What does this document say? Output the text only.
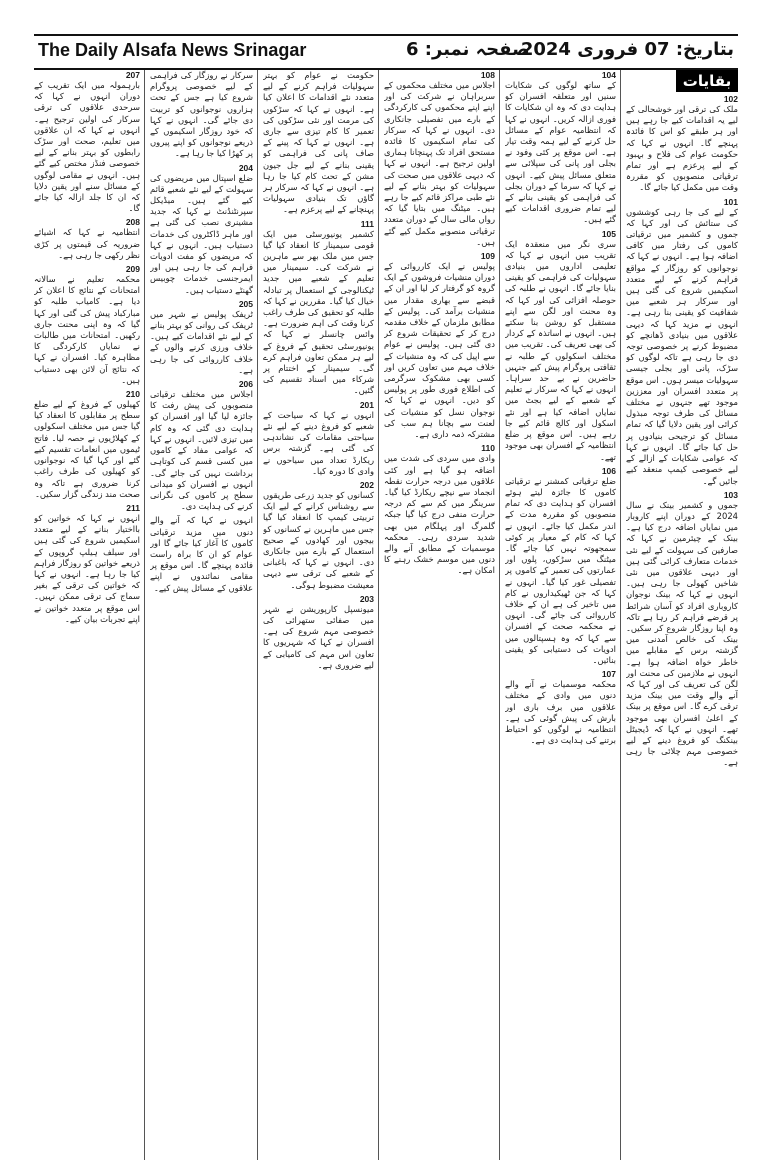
The Daily Alsafa News Srinagar	صفحہ نمبر: 6
بتاریخ: 07 فروری 2024
بقایات
102

ملک کی ترقی اور خوشحالی کے لیے یہ اقدامات کیے جا رہے ہیں اور ہر طبقے کو اس کا فائدہ پہنچے گا۔ انہوں نے کہا کہ حکومت عوام کی فلاح و بہبود کے لیے پرعزم ہے اور تمام ترقیاتی منصوبوں کو مقررہ وقت میں مکمل کیا جائے گا۔

101

کے لیے کی جا رہی کوششوں کی ستائش کی اور کہا کہ جموں و کشمیر میں ترقیاتی کاموں کی رفتار میں کافی اضافہ ہوا ہے۔ انہوں نے کہا کہ نوجوانوں کو روزگار کے مواقع فراہم کرنے کے لیے متعدد اسکیمیں شروع کی گئی ہیں اور سرکار ہر شعبے میں شفافیت کو یقینی بنا رہی ہے۔ انہوں نے مزید کہا کہ دیہی علاقوں میں بنیادی ڈھانچے کو مضبوط کرنے پر خصوصی توجہ دی جا رہی ہے تاکہ لوگوں کو سڑک، پانی اور بجلی جیسی سہولیات میسر ہوں۔ اس موقع پر متعدد افسران اور معززین موجود تھے جنہوں نے مختلف مسائل کی طرف توجہ مبذول کرائی اور یقین دلایا گیا کہ تمام مسائل کو ترجیحی بنیادوں پر حل کیا جائے گا۔ انہوں نے کہا کہ عوامی شکایات کے ازالے کے لیے خصوصی کیمپ منعقد کیے جائیں گے۔

103

جموں و کشمیر بینک نے سال 2024 کے دوران اپنے کاروبار میں نمایاں اضافہ درج کیا ہے۔ بینک کے چیئرمین نے کہا کہ صارفین کی سہولت کے لیے نئی خدمات متعارف کرائی گئی ہیں اور دیہی علاقوں میں نئی شاخیں کھولی جا رہی ہیں۔ انہوں نے کہا کہ بینک نوجوان کاروباری افراد کو آسان شرائط پر قرضے فراہم کر رہا ہے تاکہ وہ اپنا روزگار شروع کر سکیں۔ بینک کی خالص آمدنی میں گزشتہ برس کے مقابلے میں خاطر خواہ اضافہ ہوا ہے۔ انہوں نے ملازمین کی محنت اور لگن کی تعریف کی اور کہا کہ آنے والے وقت میں بینک مزید ترقی کرے گا۔ اس موقع پر بینک کے اعلیٰ افسران بھی موجود تھے۔ انہوں نے کہا کہ ڈیجیٹل بینکنگ کو فروغ دینے کے لیے خصوصی مہم چلائی جا رہی ہے۔

104

کے ساتھ لوگوں کی شکایات سنیں اور متعلقہ افسران کو ہدایت دی کہ وہ ان شکایات کا فوری ازالہ کریں۔ انہوں نے کہا کہ انتظامیہ عوام کے مسائل حل کرنے کے لیے ہمہ وقت تیار ہے۔ اس موقع پر کئی وفود نے بجلی اور پانی کی سپلائی سے متعلق مسائل پیش کیے۔ انہوں نے کہا کہ سرما کے دوران بجلی کی فراہمی کو یقینی بنانے کے لیے تمام ضروری اقدامات کیے گئے ہیں۔

105

سری نگر میں منعقدہ ایک تقریب میں انہوں نے کہا کہ تعلیمی اداروں میں بنیادی سہولیات کی فراہمی کو یقینی بنایا جائے گا۔ انہوں نے طلبہ کی حوصلہ افزائی کی اور کہا کہ وہ محنت اور لگن سے اپنے مستقبل کو روشن بنا سکتے ہیں۔ انہوں نے اساتذہ کے کردار کی بھی تعریف کی۔ تقریب میں مختلف اسکولوں کے طلبہ نے ثقافتی پروگرام پیش کیے جنہیں حاضرین نے بے حد سراہا۔ انہوں نے کہا کہ سرکار نے تعلیم کے شعبے کے لیے بجٹ میں نمایاں اضافہ کیا ہے اور نئے اسکول اور کالج قائم کیے جا رہے ہیں۔ اس موقع پر ضلع انتظامیہ کے افسران بھی موجود تھے۔

106

ضلع ترقیاتی کمشنر نے ترقیاتی کاموں کا جائزہ لیتے ہوئے افسران کو ہدایت دی کہ تمام منصوبوں کو مقررہ مدت کے اندر مکمل کیا جائے۔ انہوں نے کہا کہ کام کے معیار پر کوئی سمجھوتہ نہیں کیا جائے گا۔ میٹنگ میں سڑکوں، پلوں اور عمارتوں کی تعمیر کے کاموں پر تفصیلی غور کیا گیا۔ انہوں نے کہا کہ جن ٹھیکیداروں نے کام میں تاخیر کی ہے ان کے خلاف کارروائی کی جائے گی۔ انہوں نے محکمہ صحت کے افسران سے کہا کہ وہ ہسپتالوں میں ادویات کی دستیابی کو یقینی بنائیں۔

107

محکمہ موسمیات نے آنے والے دنوں میں وادی کے مختلف علاقوں میں برف باری اور بارش کی پیش گوئی کی ہے۔ انتظامیہ نے لوگوں کو احتیاط برتنے کی ہدایت دی ہے۔

108

اجلاس میں مختلف محکموں کے سربراہان نے شرکت کی اور اپنے اپنے محکموں کی کارکردگی کے بارے میں تفصیلی جانکاری دی۔ انہوں نے کہا کہ سرکار کی تمام اسکیموں کا فائدہ مستحق افراد تک پہنچانا ہماری اولین ترجیح ہے۔ انہوں نے کہا کہ دیہی علاقوں میں صحت کی سہولیات کو بہتر بنانے کے لیے نئے طبی مراکز قائم کیے جا رہے ہیں۔ میٹنگ میں بتایا گیا کہ رواں مالی سال کے دوران متعدد ترقیاتی منصوبے مکمل کیے گئے ہیں۔

109

پولیس نے ایک کارروائی کے دوران منشیات فروشوں کے ایک گروہ کو گرفتار کر لیا اور ان کے قبضے سے بھاری مقدار میں منشیات برآمد کی۔ پولیس کے مطابق ملزمان کے خلاف مقدمہ درج کر کے تحقیقات شروع کر دی گئی ہیں۔ پولیس نے عوام سے اپیل کی کہ وہ منشیات کے خلاف مہم میں تعاون کریں اور کسی بھی مشکوک سرگرمی کی اطلاع فوری طور پر پولیس کو دیں۔ انہوں نے کہا کہ نوجوان نسل کو منشیات کی لعنت سے بچانا ہم سب کی مشترکہ ذمہ داری ہے۔

110

وادی میں سردی کی شدت میں اضافہ ہو گیا ہے اور کئی علاقوں میں درجہ حرارت نقطہ انجماد سے نیچے ریکارڈ کیا گیا۔ سرینگر میں کم سے کم درجہ حرارت منفی درج کیا گیا جبکہ گلمرگ اور پہلگام میں بھی شدید سردی رہی۔ محکمہ موسمیات کے مطابق آنے والے دنوں میں موسم خشک رہنے کا امکان ہے۔

حکومت نے عوام کو بہتر سہولیات فراہم کرنے کے لیے متعدد نئے اقدامات کا اعلان کیا ہے۔ انہوں نے کہا کہ سڑکوں کی مرمت اور نئی سڑکوں کی تعمیر کا کام تیزی سے جاری ہے۔ انہوں نے کہا کہ پینے کے صاف پانی کی فراہمی کو یقینی بنانے کے لیے جل جیون مشن کے تحت کام کیا جا رہا ہے۔ انہوں نے کہا کہ سرکار ہر گاؤں تک بنیادی سہولیات پہنچانے کے لیے پرعزم ہے۔

111

کشمیر یونیورسٹی میں ایک قومی سیمینار کا انعقاد کیا گیا جس میں ملک بھر سے ماہرین نے شرکت کی۔ سیمینار میں تعلیم کے شعبے میں جدید ٹیکنالوجی کے استعمال پر تبادلہ خیال کیا گیا۔ مقررین نے کہا کہ طلبہ کو تحقیق کی طرف راغب کرنا وقت کی اہم ضرورت ہے۔ وائس چانسلر نے کہا کہ یونیورسٹی تحقیق کے فروغ کے لیے ہر ممکن تعاون فراہم کرے گی۔ سیمینار کے اختتام پر شرکاء میں اسناد تقسیم کی گئیں۔

201

انہوں نے کہا کہ سیاحت کے شعبے کو فروغ دینے کے لیے نئے سیاحتی مقامات کی نشاندہی کی گئی ہے۔ گزشتہ برس ریکارڈ تعداد میں سیاحوں نے وادی کا دورہ کیا۔

202

کسانوں کو جدید زرعی طریقوں سے روشناس کرانے کے لیے ایک تربیتی کیمپ کا انعقاد کیا گیا جس میں ماہرین نے کسانوں کو بیجوں اور کھادوں کے صحیح استعمال کے بارے میں جانکاری دی۔ انہوں نے کہا کہ باغبانی کے شعبے کی ترقی سے دیہی معیشت مضبوط ہوگی۔

203

میونسپل کارپوریشن نے شہر میں صفائی ستھرائی کی خصوصی مہم شروع کی ہے۔ افسران نے کہا کہ شہریوں کا تعاون اس مہم کی کامیابی کے لیے ضروری ہے۔

سرکار نے روزگار کی فراہمی کے لیے خصوصی پروگرام شروع کیا ہے جس کے تحت ہزاروں نوجوانوں کو تربیت دی جائے گی۔ انہوں نے کہا کہ خود روزگار اسکیموں کے ذریعے نوجوانوں کو اپنے پیروں پر کھڑا کیا جا رہا ہے۔

204

ضلع اسپتال میں مریضوں کی سہولت کے لیے نئے شعبے قائم کیے گئے ہیں۔ میڈیکل سپرنٹنڈنٹ نے کہا کہ جدید مشینری نصب کی گئی ہے اور ماہر ڈاکٹروں کی خدمات دستیاب ہیں۔ انہوں نے کہا کہ مریضوں کو مفت ادویات فراہم کی جا رہی ہیں اور ایمرجنسی خدمات چوبیس گھنٹے دستیاب ہیں۔

205

ٹریفک پولیس نے شہر میں ٹریفک کی روانی کو بہتر بنانے کے لیے نئے اقدامات کیے ہیں۔ خلاف ورزی کرنے والوں کے خلاف کارروائی کی جا رہی ہے۔

206

اجلاس میں مختلف ترقیاتی منصوبوں کی پیش رفت کا جائزہ لیا گیا اور افسران کو ہدایت دی گئی کہ وہ کام میں تیزی لائیں۔ انہوں نے کہا کہ عوامی مفاد کے کاموں میں کسی قسم کی کوتاہی برداشت نہیں کی جائے گی۔ انہوں نے افسران کو میدانی سطح پر کاموں کی نگرانی کرنے کی ہدایت دی۔

انہوں نے کہا کہ آنے والے دنوں میں مزید ترقیاتی کاموں کا آغاز کیا جائے گا اور عوام کو ان کا براہ راست فائدہ پہنچے گا۔ اس موقع پر مقامی نمائندوں نے اپنے علاقوں کے مسائل پیش کیے۔

207

بارہمولہ میں ایک تقریب کے دوران انہوں نے کہا کہ سرحدی علاقوں کی ترقی سرکار کی اولین ترجیح ہے۔ انہوں نے کہا کہ ان علاقوں میں تعلیم، صحت اور سڑک رابطوں کو بہتر بنانے کے لیے خصوصی فنڈز مختص کیے گئے ہیں۔ انہوں نے مقامی لوگوں کے مسائل سنے اور یقین دلایا کہ ان کا جلد ازالہ کیا جائے گا۔

208

انتظامیہ نے کہا کہ اشیائے ضروریہ کی قیمتوں پر کڑی نظر رکھی جا رہی ہے۔

209

محکمہ تعلیم نے سالانہ امتحانات کے نتائج کا اعلان کر دیا ہے۔ کامیاب طلبہ کو مبارکباد پیش کی گئی اور کہا گیا کہ وہ اپنی محنت جاری رکھیں۔ امتحانات میں طالبات نے نمایاں کارکردگی کا مظاہرہ کیا۔ افسران نے کہا کہ نتائج آن لائن بھی دستیاب ہیں۔

210

کھیلوں کے فروغ کے لیے ضلع سطح پر مقابلوں کا انعقاد کیا گیا جس میں مختلف اسکولوں کے کھلاڑیوں نے حصہ لیا۔ فاتح ٹیموں میں انعامات تقسیم کیے گئے اور کہا گیا کہ نوجوانوں کو کھیلوں کی طرف راغب کرنا ضروری ہے تاکہ وہ صحت مند زندگی گزار سکیں۔

211

انہوں نے کہا کہ خواتین کو بااختیار بنانے کے لیے متعدد اسکیمیں شروع کی گئی ہیں اور سیلف ہیلپ گروپوں کے ذریعے خواتین کو روزگار فراہم کیا جا رہا ہے۔ انہوں نے کہا کہ خواتین کی ترقی کے بغیر سماج کی ترقی ممکن نہیں۔ اس موقع پر متعدد خواتین نے اپنے تجربات بیان کیے۔
